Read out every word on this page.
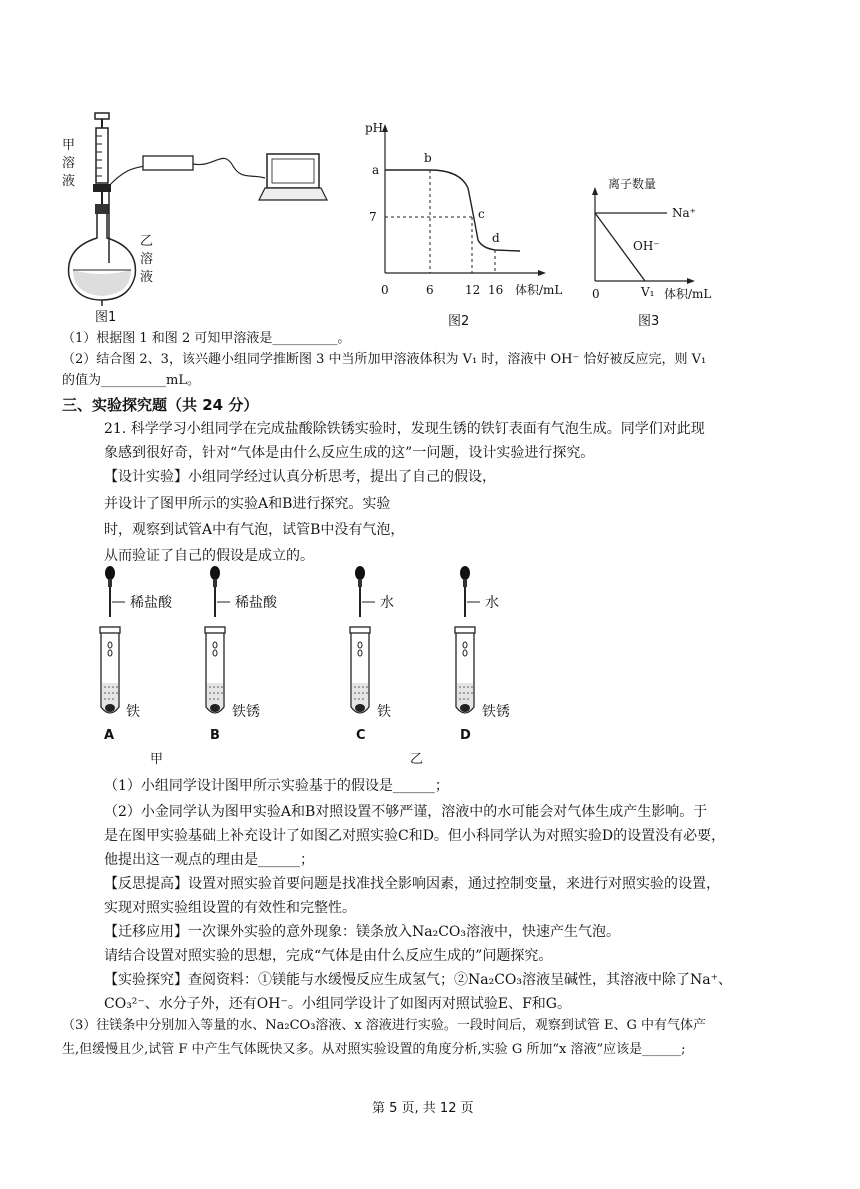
甲
溶
液
乙
溶
液
图1
pH
a
b
c
d
7
0	6	12 16 体积/mL
图2
离子数量
Na⁺
OH⁻
0	V₁ 体积/mL
图3
（1）根据图 1 和图 2 可知甲溶液是__________。
（2）结合图 2、3，该兴趣小组同学推断图 3 中当所加甲溶液体积为 V₁ 时，溶液中 OH⁻ 恰好被反应完，则 V₁
的值为__________mL。
三、实验探究题（共 24 分）
21. 科学学习小组同学在完成盐酸除铁锈实验时，发现生锈的铁钉表面有气泡生成。同学们对此现
象感到很好奇，针对“气体是由什么反应生成的这”一问题，设计实验进行探究。
【设计实验】小组同学经过认真分析思考，提出了自己的假设，
并设计了图甲所示的实验A和B进行探究。实验
时，观察到试管A中有气泡，试管B中没有气泡，
从而验证了自己的假设是成立的。
稀盐酸	稀盐酸	水	水
铁	铁锈	铁	铁锈
A	B	C	D
甲	乙
（1）小组同学设计图甲所示实验基于的假设是______；
（2）小金同学认为图甲实验A和B对照设置不够严谨，溶液中的水可能会对气体生成产生影响。于
是在图甲实验基础上补充设计了如图乙对照实验C和D。但小科同学认为对照实验D的设置没有必要，
他提出这一观点的理由是______；
【反思提高】设置对照实验首要问题是找准找全影响因素，通过控制变量，来进行对照实验的设置，
实现对照实验组设置的有效性和完整性。
【迁移应用】一次课外实验的意外现象：镁条放入Na₂CO₃溶液中，快速产生气泡。
请结合设置对照实验的思想，完成“气体是由什么反应生成的”问题探究。
【实验探究】查阅资料：①镁能与水缓慢反应生成氢气；②Na₂CO₃溶液呈碱性，其溶液中除了Na⁺、
CO₃²⁻、水分子外，还有OH⁻。小组同学设计了如图丙对照试验E、F和G。
（3）往镁条中分别加入等量的水、Na₂CO₃溶液、x 溶液进行实验。一段时间后，观察到试管 E、G 中有气体产
生,但缓慢且少,试管 F 中产生气体既快又多。从对照实验设置的角度分析,实验 G 所加“x 溶液”应该是______;
第 5 页, 共 12 页
